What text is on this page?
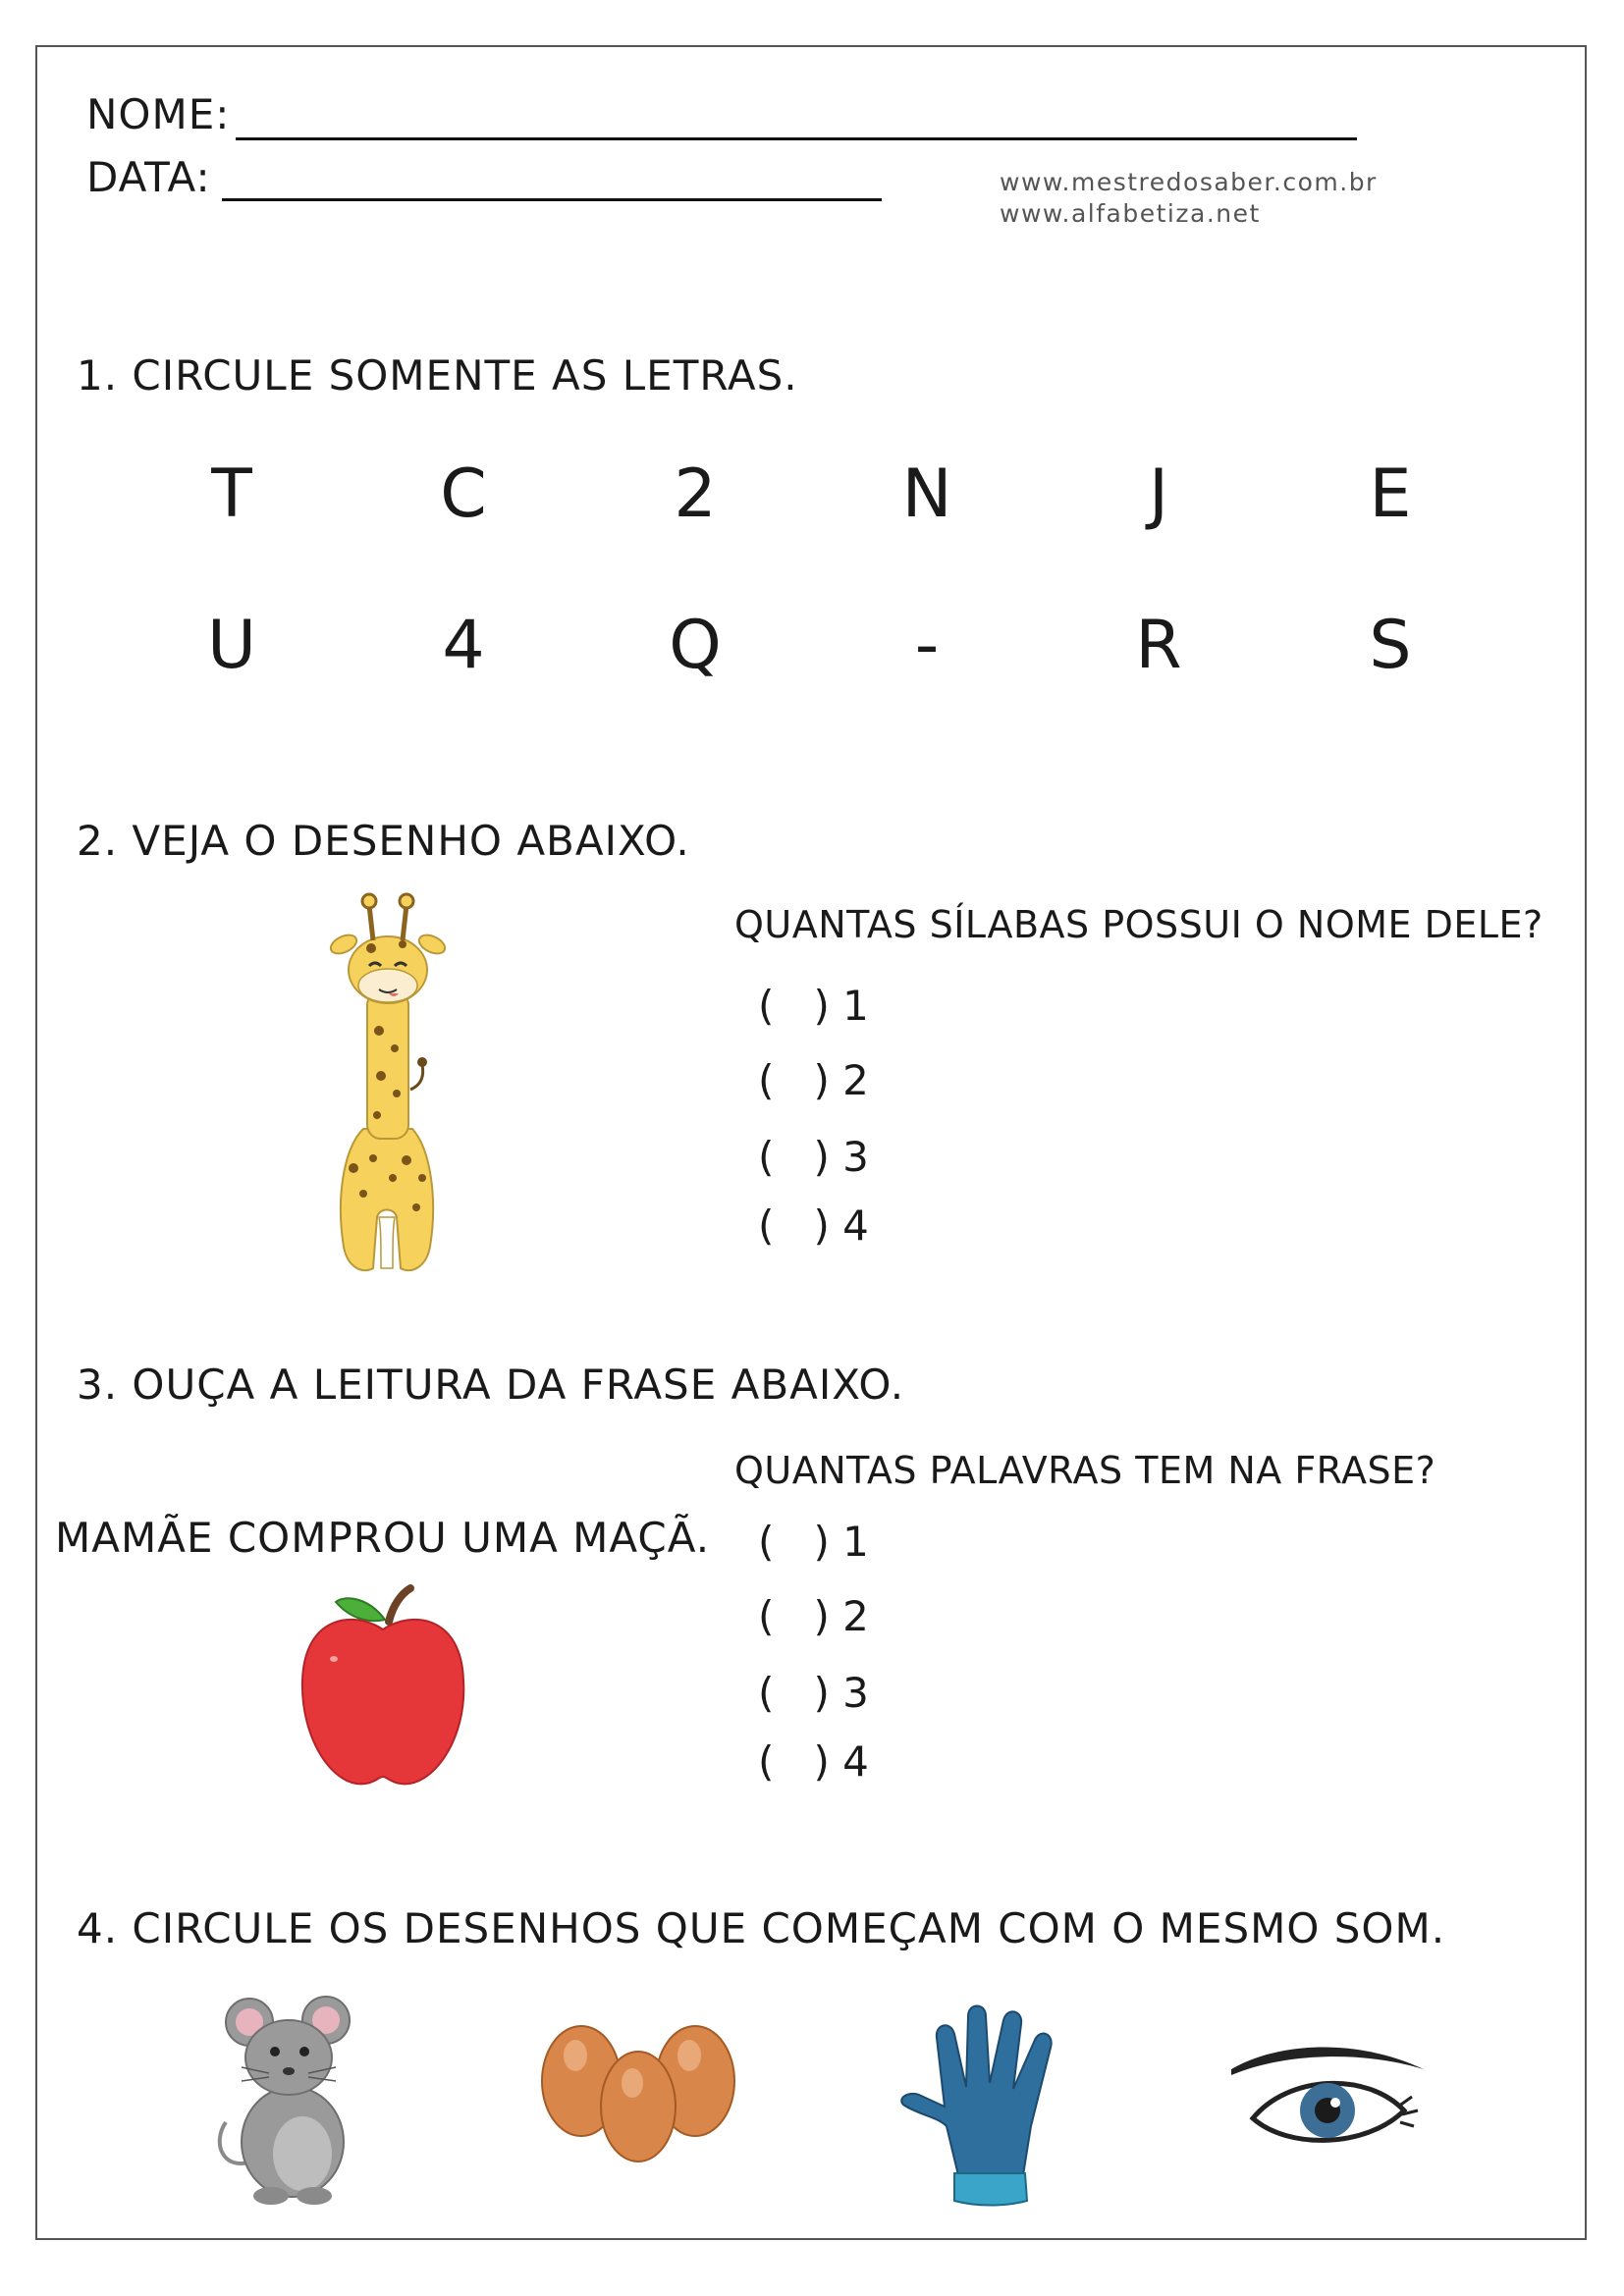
NOME:
DATA:	www.mestredosaber.com.br
www.alfabetiza.net
1. CIRCULE SOMENTE AS LETRAS.
T	C	2	N	J	E
U	4	Q	-	R	S
2. VEJA O DESENHO ABAIXO.
QUANTAS SÍLABAS POSSUI O NOME DELE?
(   ) 1
(   ) 2
(   ) 3
(   ) 4
3. OUÇA A LEITURA DA FRASE ABAIXO.
QUANTAS PALAVRAS TEM NA FRASE?
MAMÃE COMPROU UMA MAÇÃ. (   ) 1
(   ) 2
(   ) 3
(   ) 4
4. CIRCULE OS DESENHOS QUE COMEÇAM COM O MESMO SOM.
